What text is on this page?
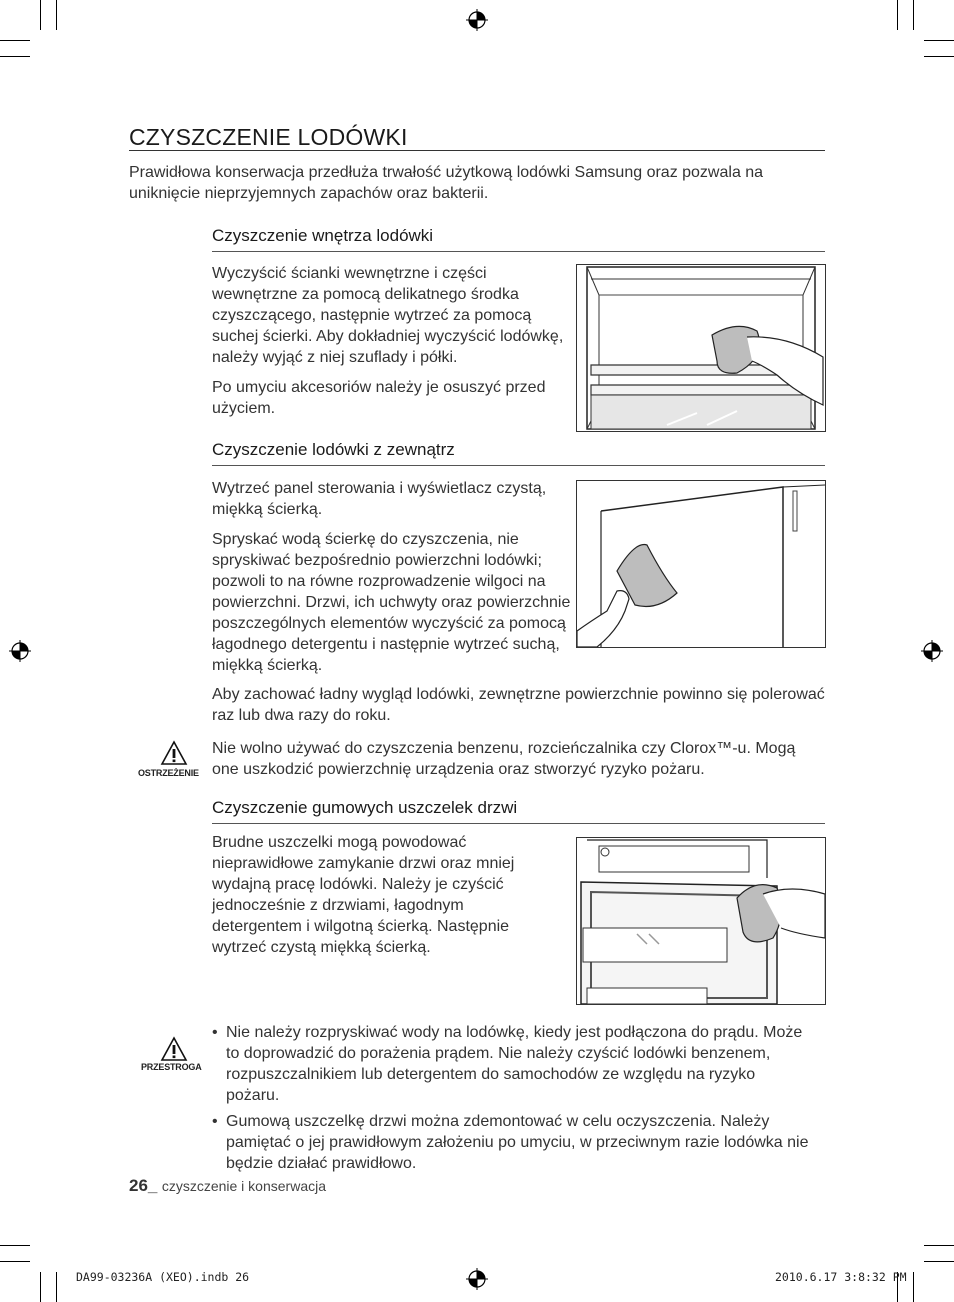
CZYSZCZENIE LODÓWKI
Prawidłowa konserwacja przedłuża trwałość użytkową lodówki Samsung oraz pozwala na uniknięcie nieprzyjemnych zapachów oraz bakterii.
Czyszczenie wnętrza lodówki

Wyczyścić ścianki wewnętrzne i części wewnętrzne za pomocą delikatnego środka czyszczącego, następnie wytrzeć za pomocą suchej ścierki. Aby dokładniej wyczyścić lodówkę, należy wyjąć z niej szuflady i półki.

Po umyciu akcesoriów należy je osuszyć przed użyciem.

Czyszczenie lodówki z zewnątrz

Wytrzeć panel sterowania i wyświetlacz czystą, miękką ścierką.

Spryskać wodą ścierkę do czyszczenia, nie spryskiwać bezpośrednio powierzchni lodówki; pozwoli to na równe rozprowadzenie wilgoci na powierzchni. Drzwi, ich uchwyty oraz powierzchnie poszczególnych elementów wyczyścić za pomocą łagodnego detergentu i następnie wytrzeć suchą, miękką ścierką.

Aby zachować ładny wygląd lodówki, zewnętrzne powierzchnie powinno się polerować raz lub dwa razy do roku.

OSTRZEŻENIE

Nie wolno używać do czyszczenia benzenu, rozcieńczalnika czy Clorox™-u. Mogą one uszkodzić powierzchnię urządzenia oraz stworzyć ryzyko pożaru.

Czyszczenie gumowych uszczelek drzwi

Brudne uszczelki mogą powodować nieprawidłowe zamykanie drzwi oraz mniej wydajną pracę lodówki. Należy je czyścić jednocześnie z drzwiami, łagodnym detergentem i wilgotną ścierką. Następnie wytrzeć czystą miękką ścierką.

PRZESTROGA
• Nie należy rozpryskiwać wody na lodówkę, kiedy jest podłączona do prądu. Może to doprowadzić do porażenia prądem. Nie należy czyścić lodówki benzenem, rozpuszczalnikiem lub detergentem do samochodów ze względu na ryzyko pożaru.
• Gumową uszczelkę drzwi można zdemontować w celu oczyszczenia. Należy pamiętać o jej prawidłowym założeniu po umyciu, w przeciwnym razie lodówka nie będzie działać prawidłowo.
26_ czyszczenie i konserwacja
DA99-03236A (XEO).indb 26	2010.6.17 3:8:32 PM
